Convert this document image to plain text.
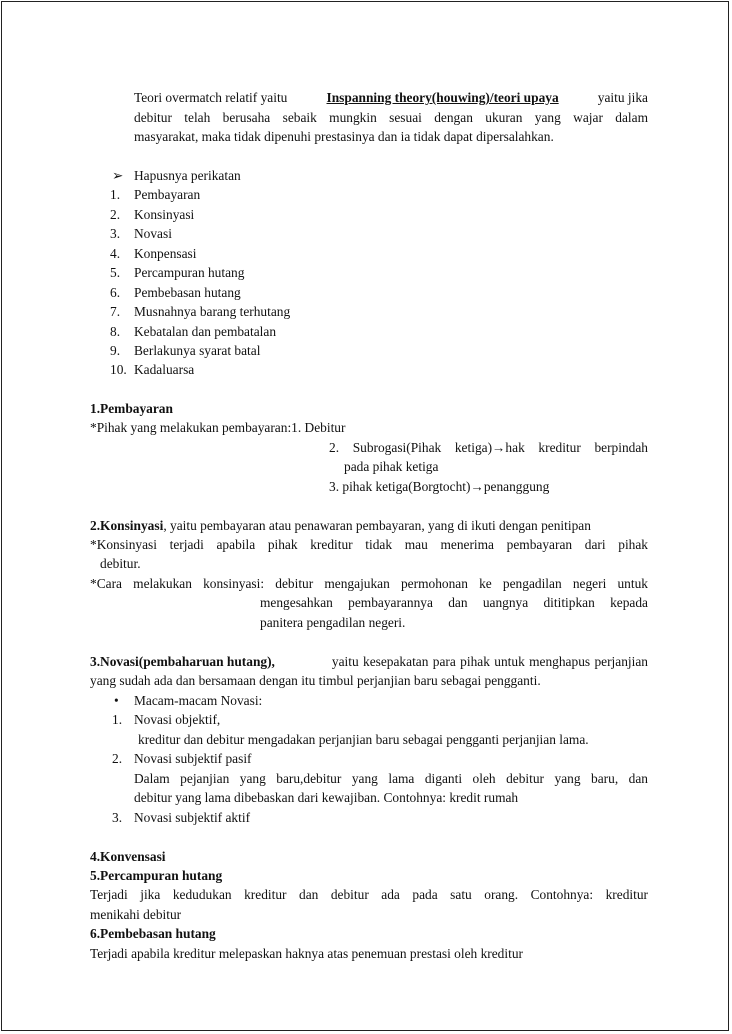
Teori overmatch relatif yaitu	Inspanning theory(houwing)/teori upaya	yaitu jika
debitur telah berusaha sebaik mungkin sesuai dengan ukuran yang wajar dalam
masyarakat, maka tidak dipenuhi prestasinya dan ia tidak dapat dipersalahkan.
➢ Hapusnya perikatan
1. Pembayaran
2. Konsinyasi
3. Novasi
4. Konpensasi
5. Percampuran hutang
6. Pembebasan hutang
7. Musnahnya barang terhutang
8. Kebatalan dan pembatalan
9. Berlakunya syarat batal
10. Kadaluarsa
1.Pembayaran
*Pihak yang melakukan pembayaran:1. Debitur
2. Subrogasi(Pihak ketiga)→hak kreditur berpindah
pada pihak ketiga
3. pihak ketiga(Borgtocht)→penanggung
2.Konsinyasi, yaitu pembayaran atau penawaran pembayaran, yang di ikuti dengan penitipan
*Konsinyasi terjadi apabila pihak kreditur tidak mau menerima pembayaran dari pihak
debitur.
*Cara melakukan konsinyasi: debitur mengajukan permohonan ke pengadilan negeri untuk
mengesahkan pembayarannya dan uangnya dititipkan kepada
panitera pengadilan negeri.
3.Novasi(pembaharuan hutang),	yaitu kesepakatan para pihak untuk menghapus perjanjian
yang sudah ada dan bersamaan dengan itu timbul perjanjian baru sebagai pengganti.
• Macam-macam Novasi:
1. Novasi objektif,
kreditur dan debitur mengadakan perjanjian baru sebagai pengganti perjanjian lama.
2. Novasi subjektif pasif
Dalam pejanjian yang baru,debitur yang lama diganti oleh debitur yang baru, dan
debitur yang lama dibebaskan dari kewajiban. Contohnya: kredit rumah
3. Novasi subjektif aktif
4.Konvensasi
5.Percampuran hutang
Terjadi jika kedudukan kreditur dan debitur ada pada satu orang. Contohnya: kreditur
menikahi debitur
6.Pembebasan hutang
Terjadi apabila kreditur melepaskan haknya atas penemuan prestasi oleh kreditur
